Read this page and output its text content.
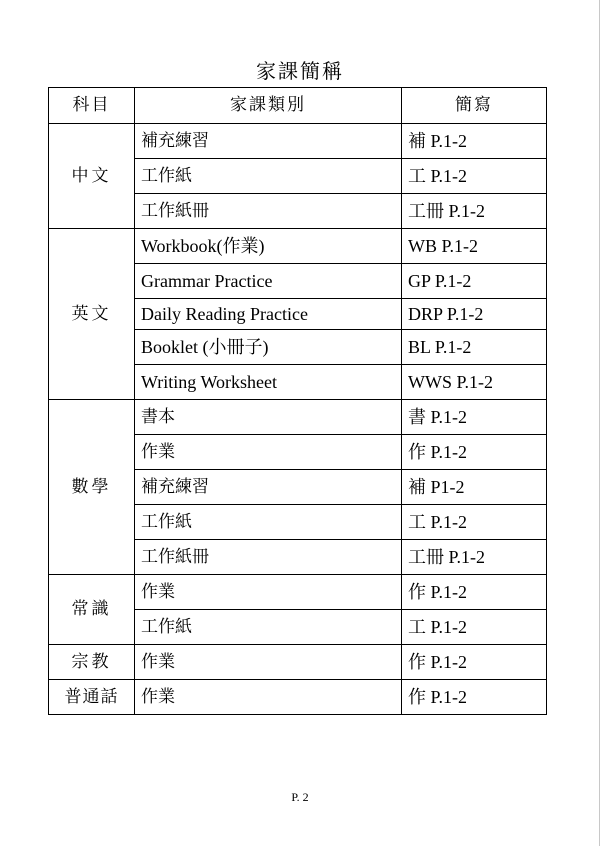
家課簡稱
科目	家課類別	簡寫
中文	補充練習	補 P.1-2
	工作紙	工 P.1-2
	工作紙冊	工冊 P.1-2
英文	Workbook(作業)	WB P.1-2
	Grammar Practice	GP P.1-2
	Daily Reading Practice	DRP P.1-2
	Booklet (小冊子)	BL P.1-2
	Writing Worksheet	WWS P.1-2
數學	書本	書 P.1-2
	作業	作 P.1-2
	補充練習	補 P1-2
	工作紙	工 P.1-2
	工作紙冊	工冊 P.1-2
常識	作業	作 P.1-2
	工作紙	工 P.1-2
宗教	作業	作 P.1-2
普通話	作業	作 P.1-2
P. 2
